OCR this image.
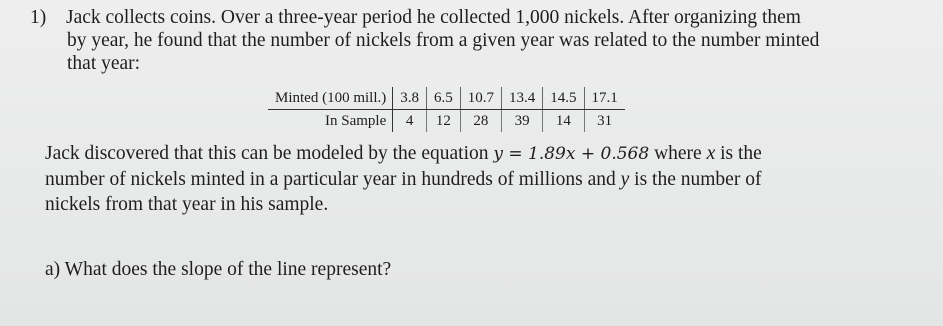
1) Jack collects coins. Over a three-year period he collected 1,000 nickels. After organizing them
by year, he found that the number of nickels from a given year was related to the number minted
that year:
Minted (100 mill.)	3.8	6.5	10.7	13.4	14.5	17.1
In Sample	4	12	28	39	14	31
Jack discovered that this can be modeled by the equation y = 1.89x + 0.568 where x is the
number of nickels minted in a particular year in hundreds of millions and y is the number of
nickels from that year in his sample.
a) What does the slope of the line represent?
